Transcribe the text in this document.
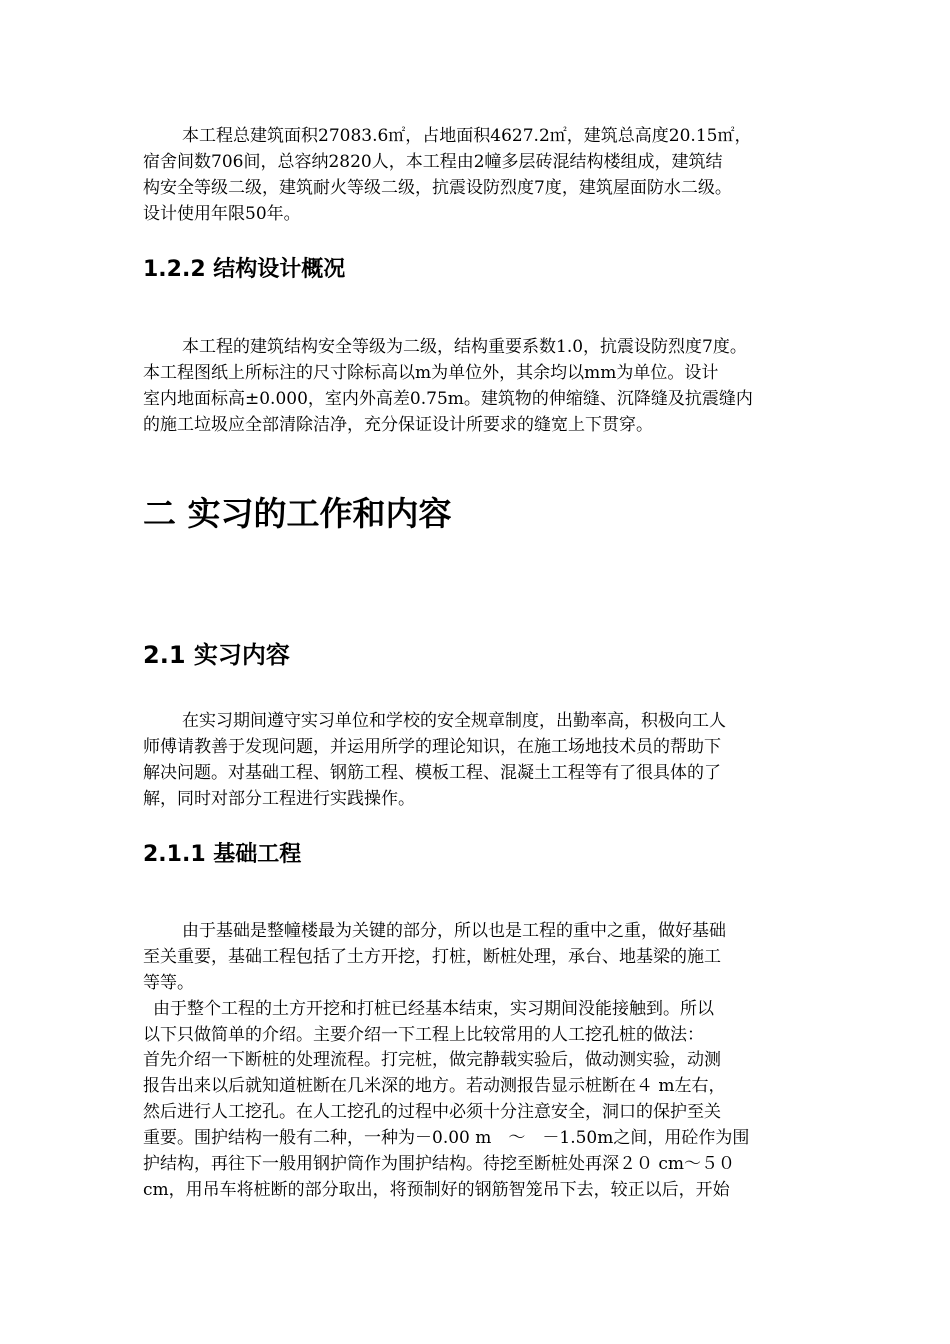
本工程总建筑面积27083.6㎡，占地面积4627.2㎡，建筑总高度20.15㎡，
宿舍间数706间，总容纳2820人，本工程由2幢多层砖混结构楼组成，建筑结
构安全等级二级，建筑耐火等级二级，抗震设防烈度7度，建筑屋面防水二级。
设计使用年限50年。
1.2.2 结构设计概况
本工程的建筑结构安全等级为二级，结构重要系数1.0，抗震设防烈度7度。
本工程图纸上所标注的尺寸除标高以m为单位外，其余均以mm为单位。设计
室内地面标高±0.000，室内外高差0.75m。建筑物的伸缩缝、沉降缝及抗震缝内
的施工垃圾应全部清除洁净，充分保证设计所要求的缝宽上下贯穿。
二 实习的工作和内容
2.1 实习内容
在实习期间遵守实习单位和学校的安全规章制度，出勤率高，积极向工人
师傅请教善于发现问题，并运用所学的理论知识，在施工场地技术员的帮助下
解决问题。对基础工程、钢筋工程、模板工程、混凝土工程等有了很具体的了
解，同时对部分工程进行实践操作。
2.1.1 基础工程
由于基础是整幢楼最为关键的部分，所以也是工程的重中之重，做好基础
至关重要，基础工程包括了土方开挖，打桩，断桩处理，承台、地基梁的施工
等等。
由于整个工程的土方开挖和打桩已经基本结束，实习期间没能接触到。所以
以下只做简单的介绍。主要介绍一下工程上比较常用的人工挖孔桩的做法：
首先介绍一下断桩的处理流程。打完桩，做完静载实验后，做动测实验，动测
报告出来以后就知道桩断在几米深的地方。若动测报告显示桩断在４ m左右，
然后进行人工挖孔。在人工挖孔的过程中必须十分注意安全，洞口的保护至关
重要。围护结构一般有二种，一种为－0.00 m　～　－1.50m之间，用砼作为围
护结构，再往下一般用钢护筒作为围护结构。待挖至断桩处再深２０ cm～５０
cm，用吊车将桩断的部分取出，将预制好的钢筋智笼吊下去，较正以后，开始
